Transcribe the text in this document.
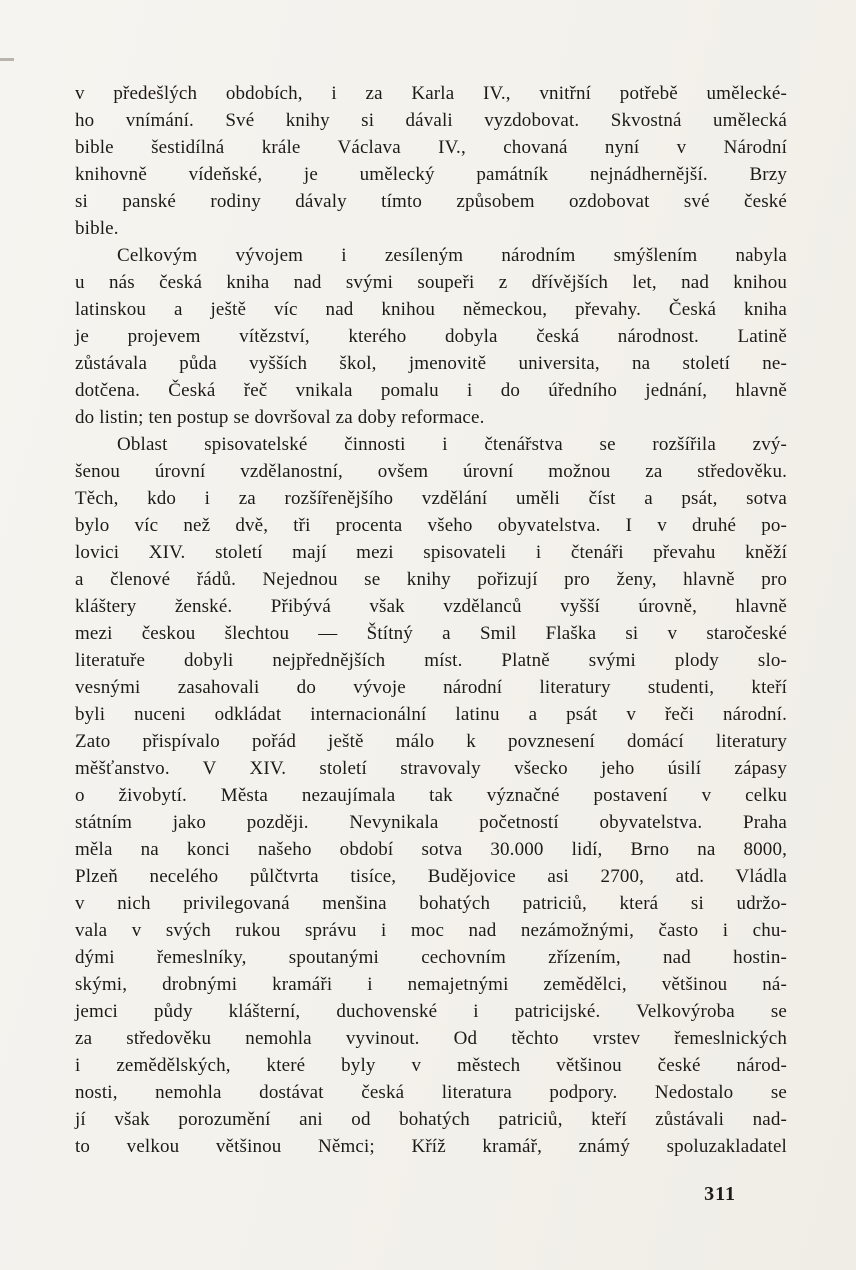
v předešlých obdobích, i za Karla IV., vnitřní potřebě umělecké-
ho vnímání. Své knihy si dávali vyzdobovat. Skvostná umělecká
bible šestidílná krále Václava IV., chovaná nyní v Národní
knihovně vídeňské, je umělecký památník nejnádhernější. Brzy
si panské rodiny dávaly tímto způsobem ozdobovat své české
bible.

Celkovým vývojem i zesíleným národním smýšlením nabyla
u nás česká kniha nad svými soupeři z dřívějších let, nad knihou
latinskou a ještě víc nad knihou německou, převahy. Česká kniha
je projevem vítězství, kterého dobyla česká národnost. Latině
zůstávala půda vyšších škol, jmenovitě universita, na století ne-
dotčena. Česká řeč vnikala pomalu i do úředního jednání, hlavně
do listin; ten postup se dovršoval za doby reformace.

Oblast spisovatelské činnosti i čtenářstva se rozšířila zvý-
šenou úrovní vzdělanostní, ovšem úrovní možnou za středověku.
Těch, kdo i za rozšířenějšího vzdělání uměli číst a psát, sotva
bylo víc než dvě, tři procenta všeho obyvatelstva. I v druhé po-
lovici XIV. století mají mezi spisovateli i čtenáři převahu kněží
a členové řádů. Nejednou se knihy pořizují pro ženy, hlavně pro
kláštery ženské. Přibývá však vzdělanců vyšší úrovně, hlavně
mezi českou šlechtou — Štítný a Smil Flaška si v staročeské
literatuře dobyli nejpřednějších míst. Platně svými plody slo-
vesnými zasahovali do vývoje národní literatury studenti, kteří
byli nuceni odkládat internacionální latinu a psát v řeči národní.
Zato přispívalo pořád ještě málo k povznesení domácí literatury
měšťanstvo. V XIV. století stravovaly všecko jeho úsilí zápasy
o živobytí. Města nezaujímala tak význačné postavení v celku
státním jako později. Nevynikala početností obyvatelstva. Praha
měla na konci našeho období sotva 30.000 lidí, Brno na 8000,
Plzeň necelého půlčtvrta tisíce, Budějovice asi 2700, atd. Vládla
v nich privilegovaná menšina bohatých patriciů, která si udržo-
vala v svých rukou správu i moc nad nezámožnými, často i chu-
dými řemeslníky, spoutanými cechovním zřízením, nad hostin-
skými, drobnými kramáři i nemajetnými zemědělci, většinou ná-
jemci půdy klášterní, duchovenské i patricijské. Velkovýroba se
za středověku nemohla vyvinout. Od těchto vrstev řemeslnických
i zemědělských, které byly v městech většinou české národ-
nosti, nemohla dostávat česká literatura podpory. Nedostalo se
jí však porozumění ani od bohatých patriciů, kteří zůstávali nad-
to velkou většinou Němci; Kříž kramář, známý spoluzakladatel

311
